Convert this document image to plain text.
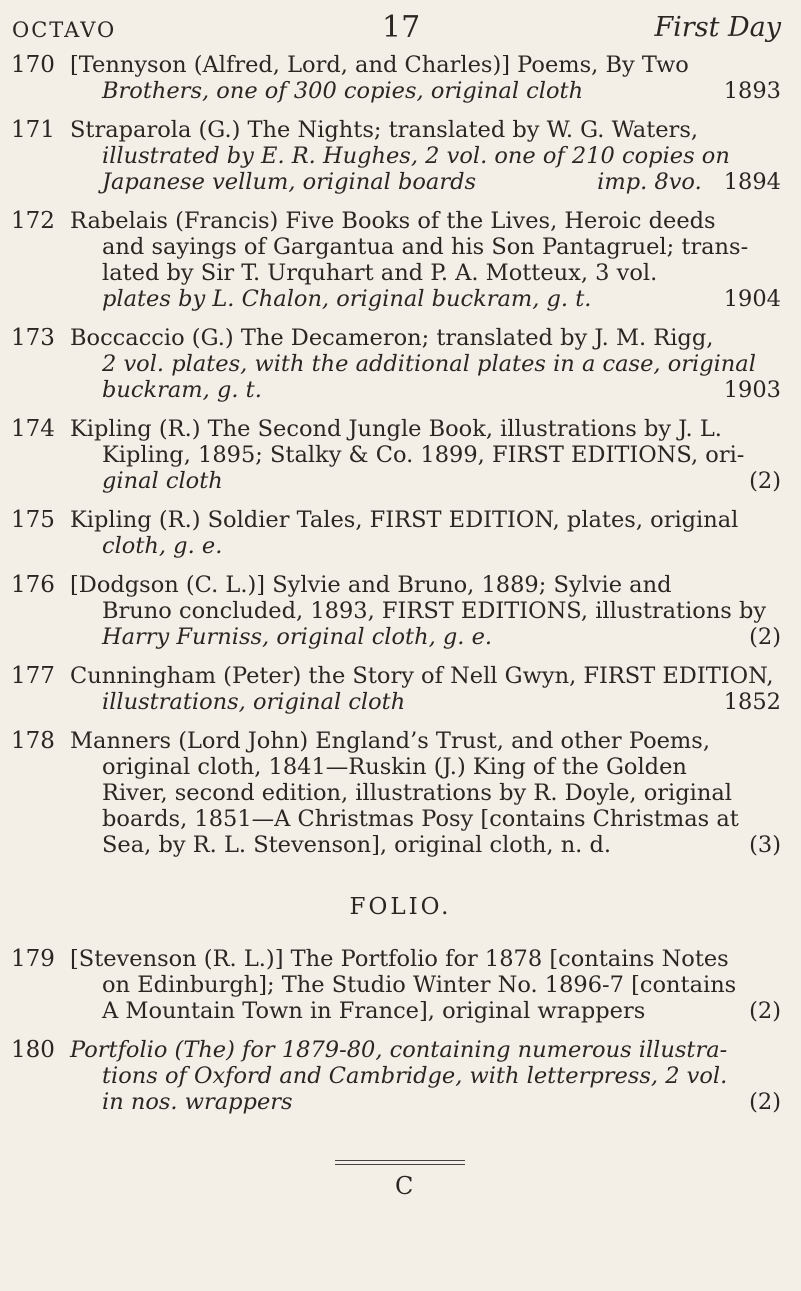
OCTAVO	17	First Day
170 [Tennyson (Alfred, Lord, and Charles)] Poems, By Two
Brothers, one of 300 copies, original cloth	1893
171 Straparola (G.) The Nights; translated by W. G. Waters,
illustrated by E. R. Hughes, 2 vol. one of 210 copies on
Japanese vellum, original boards	imp. 8vo. 1894
172 Rabelais (Francis) Five Books of the Lives, Heroic deeds
and sayings of Gargantua and his Son Pantagruel; trans-
lated by Sir T. Urquhart and P. A. Motteux, 3 vol.
plates by L. Chalon, original buckram, g. t.	1904
173 Boccaccio (G.) The Decameron; translated by J. M. Rigg,
2 vol. plates, with the additional plates in a case, original
buckram, g. t.	1903
174 Kipling (R.) The Second Jungle Book, illustrations by J. L.
Kipling, 1895; Stalky & Co. 1899, FIRST EDITIONS, ori-
ginal cloth	(2)
175 Kipling (R.) Soldier Tales, FIRST EDITION, plates, original
cloth, g. e.
176 [Dodgson (C. L.)] Sylvie and Bruno, 1889; Sylvie and
Bruno concluded, 1893, FIRST EDITIONS, illustrations by
Harry Furniss, original cloth, g. e.	(2)
177 Cunningham (Peter) the Story of Nell Gwyn, FIRST EDITION,
illustrations, original cloth	1852
178 Manners (Lord John) England’s Trust, and other Poems,
original cloth, 1841—Ruskin (J.) King of the Golden
River, second edition, illustrations by R. Doyle, original
boards, 1851—A Christmas Posy [contains Christmas at
Sea, by R. L. Stevenson], original cloth, n. d.	(3)
FOLIO.
179 [Stevenson (R. L.)] The Portfolio for 1878 [contains Notes
on Edinburgh]; The Studio Winter No. 1896-7 [contains
A Mountain Town in France], original wrappers	(2)
180 Portfolio (The) for 1879-80, containing numerous illustra-
tions of Oxford and Cambridge, with letterpress, 2 vol.
in nos. wrappers	(2)
C
